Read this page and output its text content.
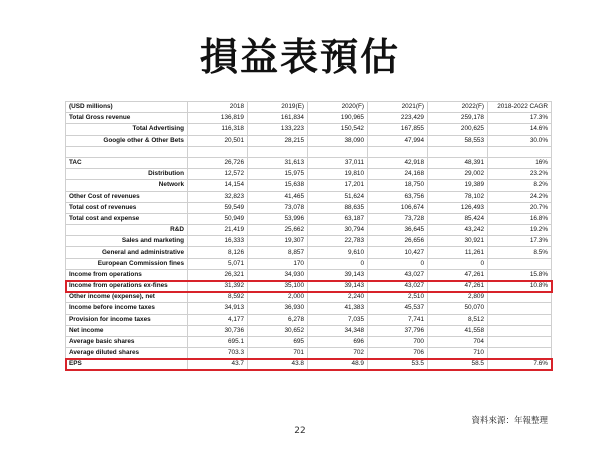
損益表預估
(USD millions)	2018	2019(E)	2020(F)	2021(F)	2022(F)	2018-2022 CAGR
Total Gross revenue	136,819	161,834	190,965	223,429	259,178	17.3%
Total Advertising	116,318	133,223	150,542	167,855	200,625	14.6%
Google other & Other Bets	20,501	28,215	38,090	47,994	58,553	30.0%

TAC	26,726	31,613	37,011	42,918	48,391	16%
Distribution	12,572	15,975	19,810	24,168	29,002	23.2%
Network	14,154	15,638	17,201	18,750	19,389	8.2%
Other Cost of revenues	32,823	41,465	51,624	63,756	78,102	24.2%
Total cost of revenues	59,549	73,078	88,635	106,674	126,493	20.7%
Total cost and expense	50,949	53,996	63,187	73,728	85,424	16.8%
R&D	21,419	25,662	30,794	36,645	43,242	19.2%
Sales and marketing	16,333	19,307	22,783	26,656	30,921	17.3%
General and administrative	8,126	8,857	9,610	10,427	11,261	8.5%
European Commission fines	5,071	170	0	0	0	
Income from operations	26,321	34,930	39,143	43,027	47,261	15.8%
Income from operations ex-fines	31,392	35,100	39,143	43,027	47,261	10.8%
Other income (expense), net	8,592	2,000	2,240	2,510	2,809	
Income before income taxes	34,913	36,930	41,383	45,537	50,070	
Provision for income taxes	4,177	6,278	7,035	7,741	8,512	
Net income	30,736	30,652	34,348	37,796	41,558	
Average basic shares	695.1	695	696	700	704	
Average diluted shares	703.3	701	702	706	710	
EPS	43.7	43.8	48.9	53.5	58.5	7.6%
資料來源：年報整理
22
